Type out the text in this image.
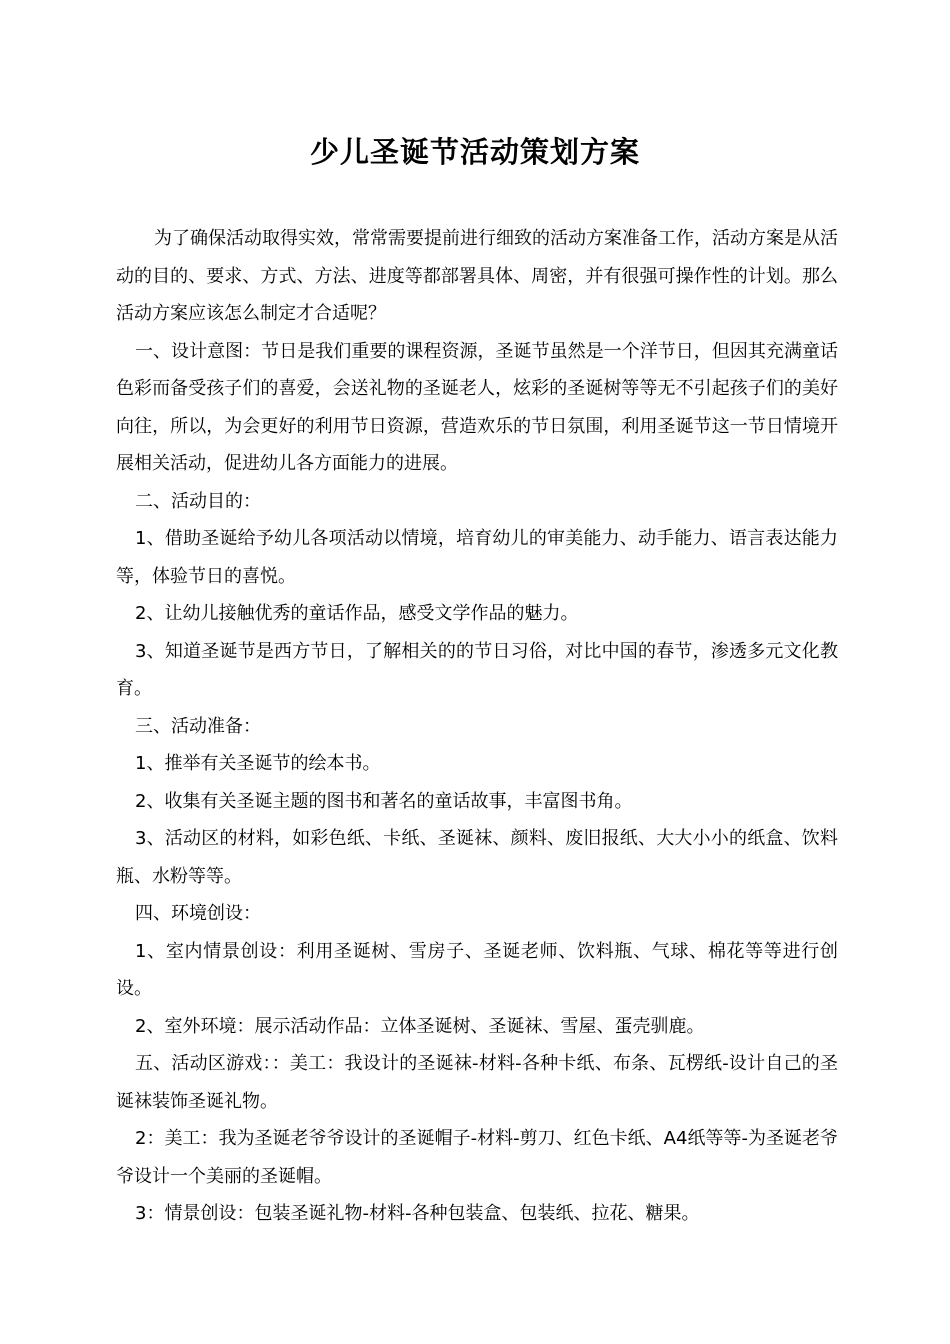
少儿圣诞节活动策划方案

为了确保活动取得实效，常常需要提前进行细致的活动方案准备工作，活动方案是从活动的目的、要求、方式、方法、进度等都部署具体、周密，并有很强可操作性的计划。那么活动方案应该怎么制定才合适呢？

一、设计意图：节日是我们重要的课程资源，圣诞节虽然是一个洋节日，但因其充满童话色彩而备受孩子们的喜爱，会送礼物的圣诞老人，炫彩的圣诞树等等无不引起孩子们的美好向往，所以，为会更好的利用节日资源，营造欢乐的节日氛围，利用圣诞节这一节日情境开展相关活动，促进幼儿各方面能力的进展。

二、活动目的：

1、借助圣诞给予幼儿各项活动以情境，培育幼儿的审美能力、动手能力、语言表达能力等，体验节日的喜悦。

2、让幼儿接触优秀的童话作品，感受文学作品的魅力。

3、知道圣诞节是西方节日，了解相关的的节日习俗，对比中国的春节，渗透多元文化教育。

三、活动准备：

1、推举有关圣诞节的绘本书。

2、收集有关圣诞主题的图书和著名的童话故事，丰富图书角。

3、活动区的材料，如彩色纸、卡纸、圣诞袜、颜料、废旧报纸、大大小小的纸盒、饮料瓶、水粉等等。

四、环境创设：

1、室内情景创设：利用圣诞树、雪房子、圣诞老师、饮料瓶、气球、棉花等等进行创设。

2、室外环境：展示活动作品：立体圣诞树、圣诞袜、雪屋、蛋壳驯鹿。

五、活动区游戏：：美工：我设计的圣诞袜-材料-各种卡纸、布条、瓦楞纸-设计自己的圣诞袜装饰圣诞礼物。

2：美工：我为圣诞老爷爷设计的圣诞帽子-材料-剪刀、红色卡纸、A4纸等等-为圣诞老爷爷设计一个美丽的圣诞帽。

3：情景创设：包装圣诞礼物-材料-各种包装盒、包装纸、拉花、糖果。
